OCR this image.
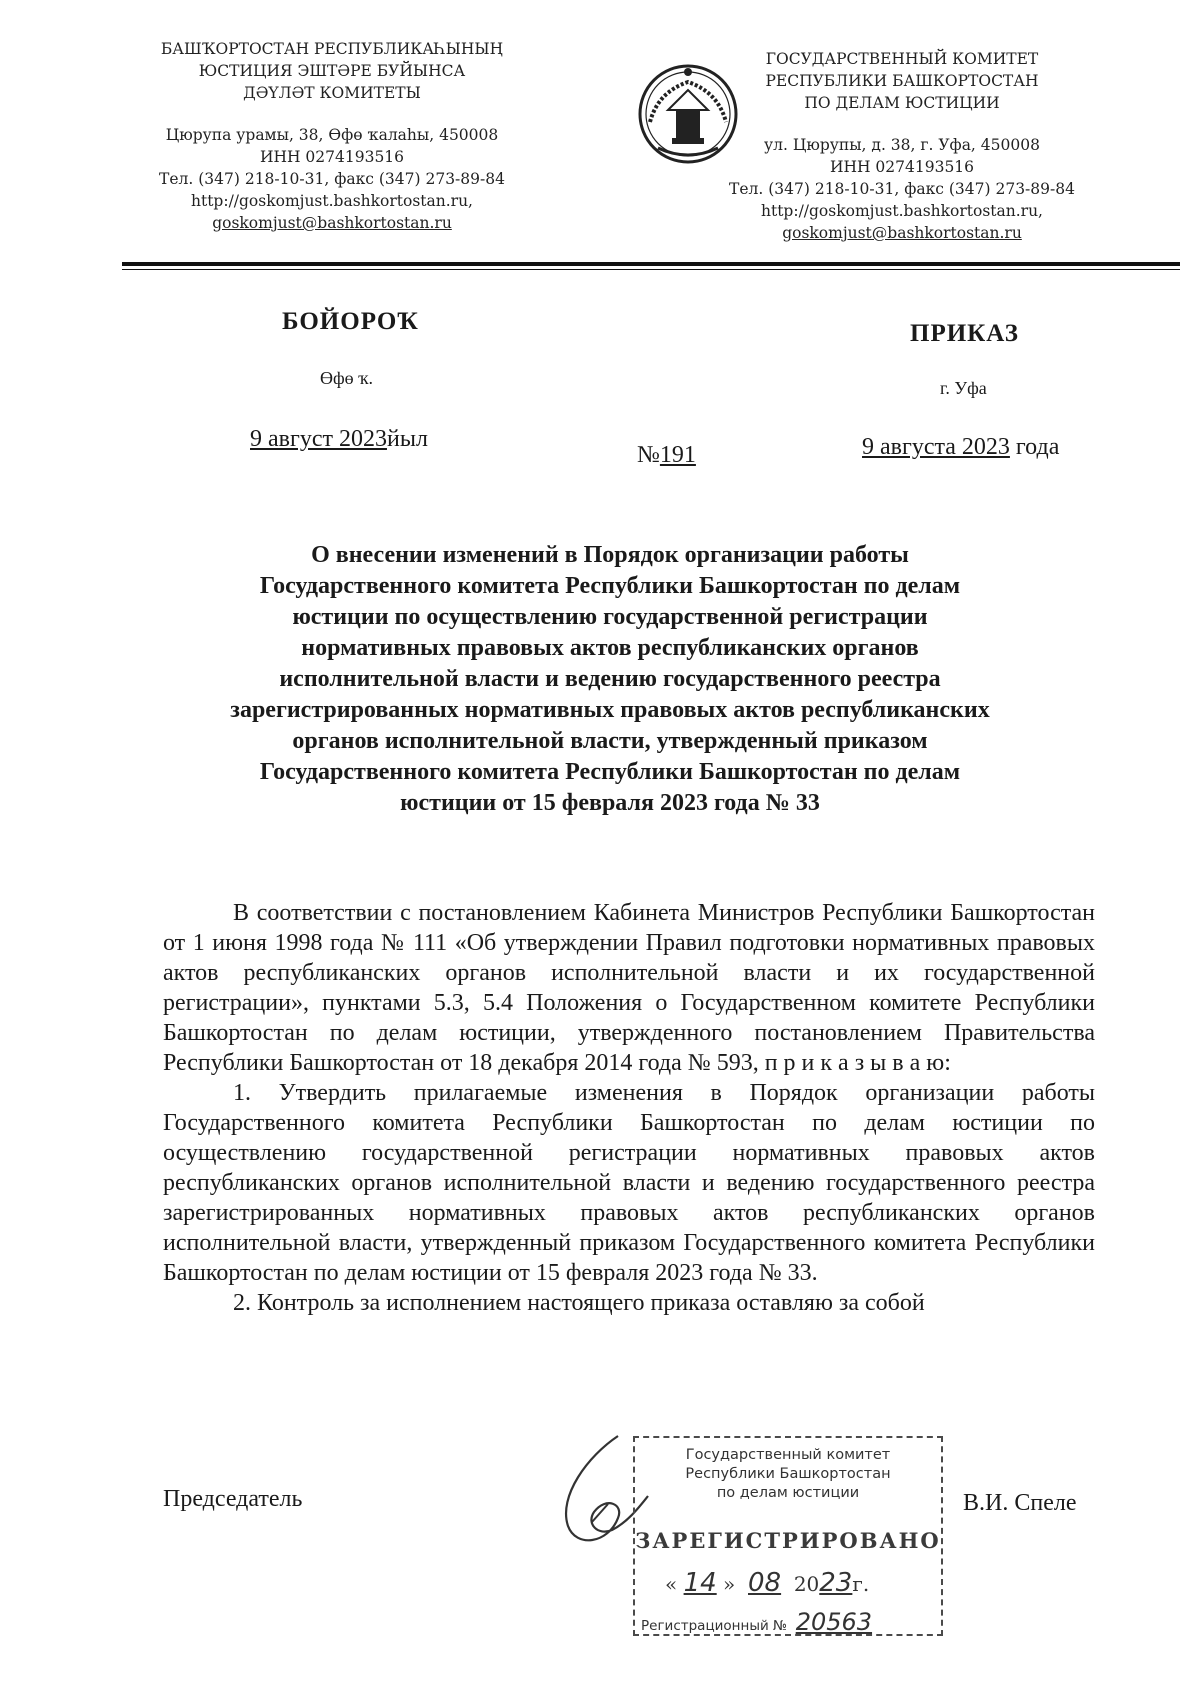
БАШҠОРТОСТАН РЕСПУБЛИКАҺЫНЫҢ
ЮСТИЦИЯ ЭШТӘРЕ БУЙЫНСА
ДӘҮЛӘТ КОМИТЕТЫ
Цюрупа урамы, 38, Өфө ҡалаһы, 450008
ИНН 0274193516
Тел. (347) 218-10-31, факс (347) 273-89-84
http://goskomjust.bashkortostan.ru,
goskomjust@bashkortostan.ru
ГОСУДАРСТВЕННЫЙ КОМИТЕТ
РЕСПУБЛИКИ БАШКОРТОСТАН
ПО ДЕЛАМ ЮСТИЦИИ
ул. Цюрупы, д. 38, г. Уфа, 450008
ИНН 0274193516
Тел. (347) 218-10-31, факс (347) 273-89-84
http://goskomjust.bashkortostan.ru,
goskomjust@bashkortostan.ru
БОЙОРОҠ	ПРИКАЗ
Өфө ҡ.	г. Уфа
9 август 2023йыл
№191	9 августа 2023 года
О внесении изменений в Порядок организации работы
Государственного комитета Республики Башкортостан по делам
юстиции по осуществлению государственной регистрации
нормативных правовых актов республиканских органов
исполнительной власти и ведению государственного реестра
зарегистрированных нормативных правовых актов республиканских
органов исполнительной власти, утвержденный приказом
Государственного комитета Республики Башкортостан по делам
юстиции от 15 февраля 2023 года № 33

В соответствии с постановлением Кабинета Министров Республики Башкортостан от 1 июня 1998 года № 111 «Об утверждении Правил подготовки нормативных правовых актов республиканских органов исполнительной власти и их государственной регистрации», пунктами 5.3, 5.4 Положения о Государственном комитете Республики Башкортостан по делам юстиции, утвержденного постановлением Правительства Республики Башкортостан от 18 декабря 2014 года № 593, п р и к а з ы в а ю:

1. Утвердить прилагаемые изменения в Порядок организации работы Государственного комитета Республики Башкортостан по делам юстиции по осуществлению государственной регистрации нормативных правовых актов республиканских органов исполнительной власти и ведению государственного реестра зарегистрированных нормативных правовых актов республиканских органов исполнительной власти, утвержденный приказом Государственного комитета Республики Башкортостан по делам юстиции от 15 февраля 2023 года № 33.

2. Контроль за исполнением настоящего приказа оставляю за собой

Председатель
Государственный комитет
Республики Башкортостан
по делам юстиции
ЗАРЕГИСТРИРОВАНО
« 14 »  08 2023г.
Регистрационный № 20563
В.И. Спеле
